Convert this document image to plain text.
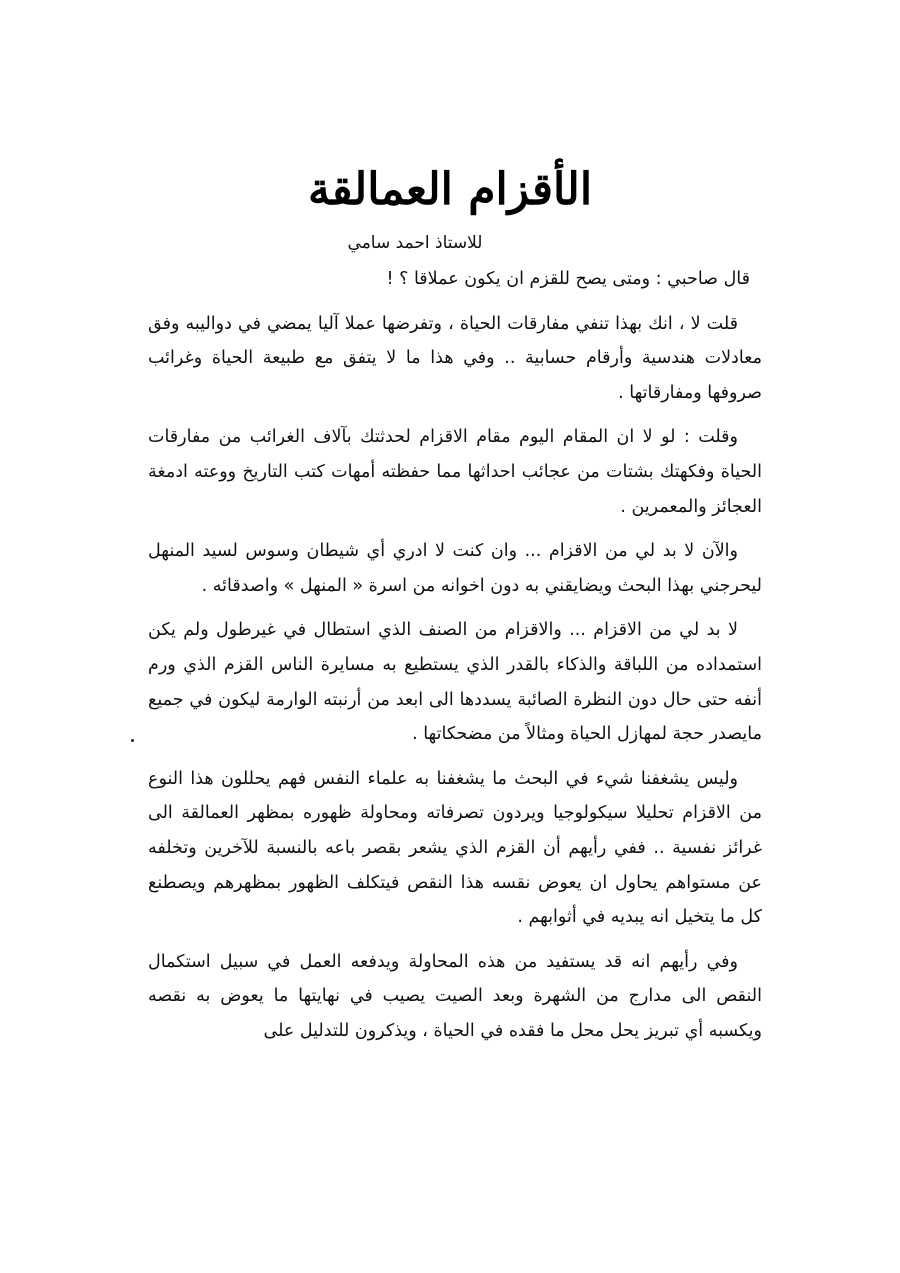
الأقزام العمالقة
للاستاذ احمد سامي

قال صاحبي : ومتى يصح للقزم ان يكون عملاقا ؟ !

قلت لا ، انك بهذا تنفي مفارقات الحياة ، وتفرضها عملا آليا يمضي في دواليبه وفق معادلات هندسية وأرقام حسابية .. وفي هذا ما لا يتفق مع طبيعة الحياة وغرائب صروفها ومفارقاتها .

وقلت : لو لا ان المقام اليوم مقام الاقزام لحدثتك بآلاف الغرائب من مفارقات الحياة وفكهتك بشتات من عجائب احداثها مما حفظته أمهات كتب التاريخ ووعته ادمغة العجائز والمعمرين .

والآن لا بد لي من الاقزام ... وان كنت لا ادري أي شيطان وسوس لسيد المنهل ليحرجني بهذا البحث ويضايقني به دون اخوانه من اسرة « المنهل » واصدقائه .

لا بد لي من الاقزام ... والاقزام من الصنف الذي استطال في غيرطول ولم يكن استمداده من اللباقة والذكاء بالقدر الذي يستطيع به مسايرة الناس القزم الذي ورم أنفه حتى حال دون النظرة الصائبة يسددها الى ابعد من أرنبته الوارمة ليكون في جميع مايصدر حجة لمهازل الحياة ومثالاً من مضحكاتها .

وليس يشغفنا شيء في البحث ما يشغفنا به علماء النفس فهم يحللون هذا النوع من الاقزام تحليلا سيكولوجيا ويردون تصرفاته ومحاولة ظهوره بمظهر العمالقة الى غرائز نفسية .. ففي رأيهم أن القزم الذي يشعر بقصر باعه بالنسبة للآخرين وتخلفه عن مستواهم يحاول ان يعوض نقسه هذا النقص فيتكلف الظهور بمظهرهم ويصطنع كل ما يتخيل انه يبديه في أثوابهم .

وفي رأيهم انه قد يستفيد من هذه المحاولة ويدفعه العمل في سبيل استكمال النقص الى مدارج من الشهرة وبعد الصيت يصيب في نهايتها ما يعوض به نقصه ويكسبه أي تبريز يحل محل ما فقده في الحياة ، ويذكرون للتدليل على
